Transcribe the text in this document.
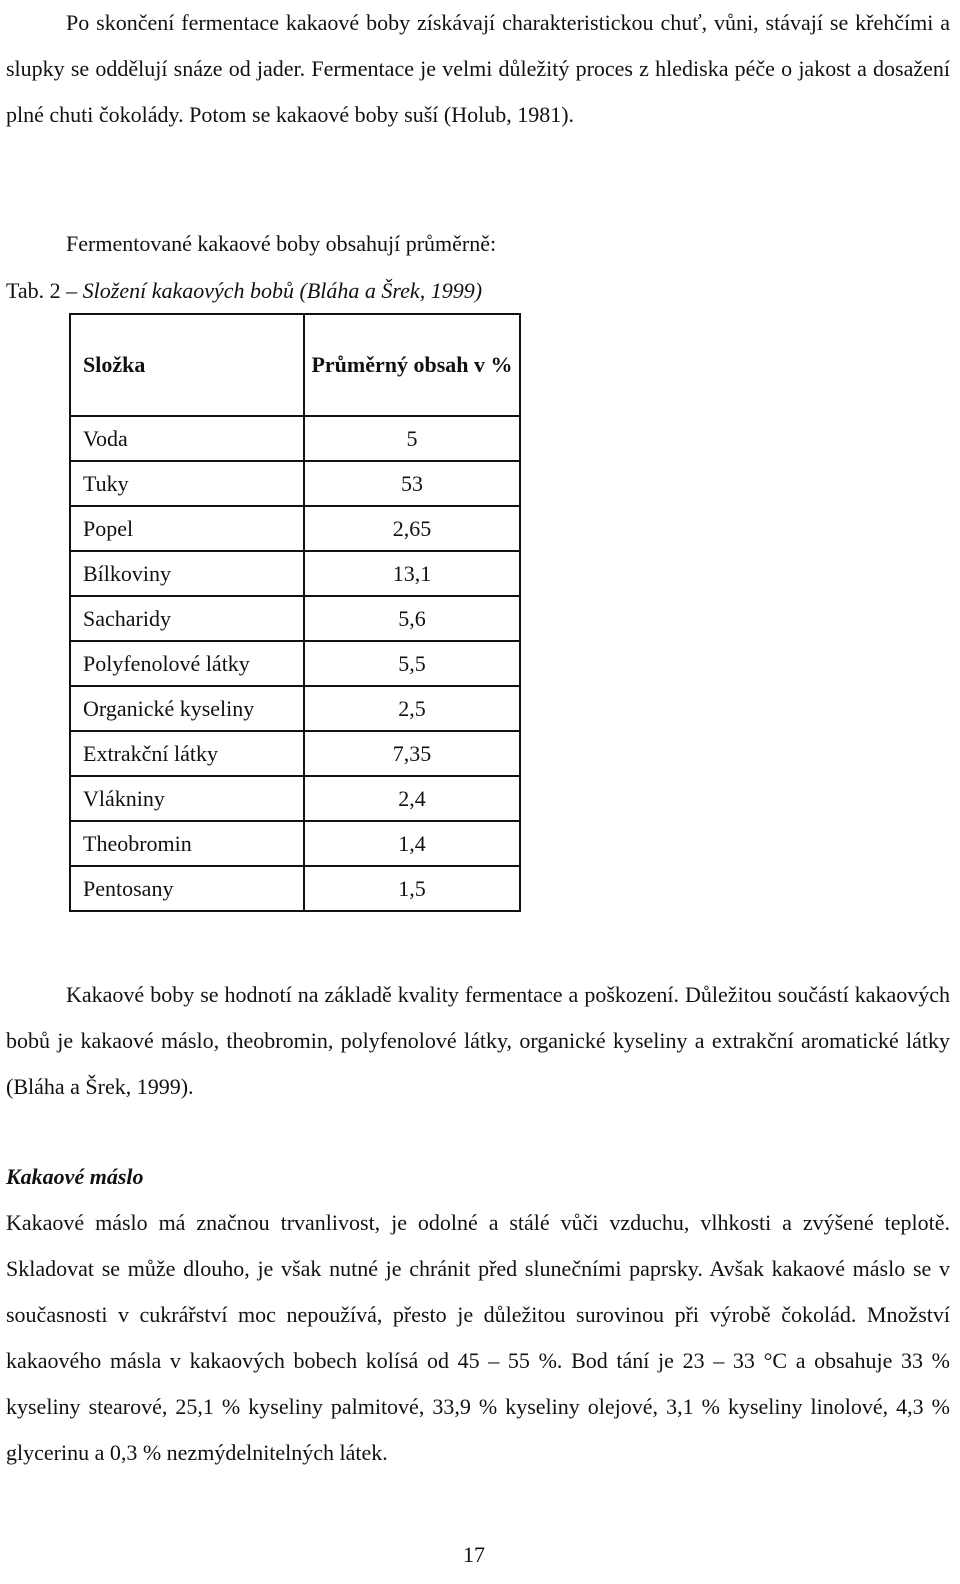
Po skončení fermentace kakaové boby získávají charakteristickou chuť, vůni, stávají se křehčími a slupky se oddělují snáze od jader. Fermentace je velmi důležitý proces z hlediska péče o jakost a dosažení plné chuti čokolády. Potom se kakaové boby suší (Holub, 1981).

Fermentované kakaové boby obsahují průměrně:

Tab. 2 – Složení kakaových bobů (Bláha a Šrek, 1999)

Složka	Průměrný obsah v %
Voda	5
Tuky	53
Popel	2,65
Bílkoviny	13,1
Sacharidy	5,6
Polyfenolové látky	5,5
Organické kyseliny	2,5
Extrakční látky	7,35
Vlákniny	2,4
Theobromin	1,4
Pentosany	1,5

Kakaové boby se hodnotí na základě kvality fermentace a poškození. Důležitou součástí kakaových bobů je kakaové máslo, theobromin, polyfenolové látky, organické kyseliny a extrakční aromatické látky (Bláha a Šrek, 1999).

Kakaové máslo

Kakaové máslo má značnou trvanlivost, je odolné a stálé vůči vzduchu, vlhkosti a zvýšené teplotě. Skladovat se může dlouho, je však nutné je chránit před slunečními paprsky. Avšak kakaové máslo se v současnosti v cukrářství moc nepoužívá, přesto je důležitou surovinou při výrobě čokolád. Množství kakaového másla v kakaových bobech kolísá od 45 – 55 %. Bod tání je 23 – 33 °C a obsahuje 33 % kyseliny stearové, 25,1 % kyseliny palmitové, 33,9 % kyseliny olejové, 3,1 % kyseliny linolové, 4,3 % glycerinu a 0,3 % nezmýdelnitelných látek.

17
